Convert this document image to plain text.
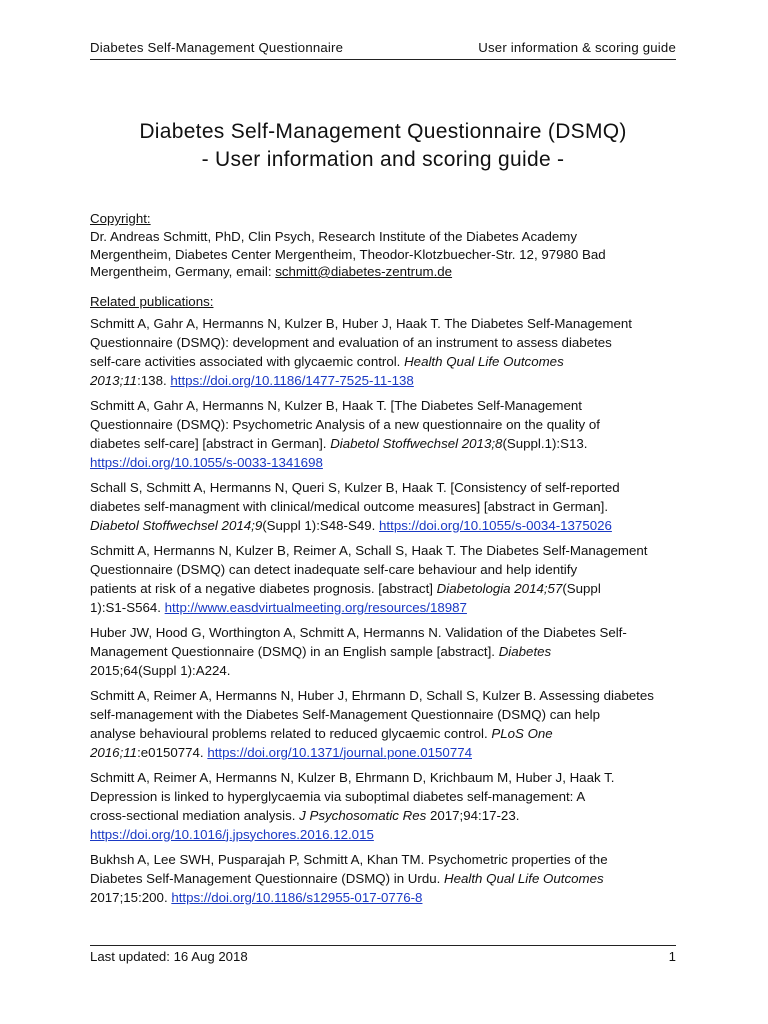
Diabetes Self-Management Questionnaire	User information & scoring guide
Diabetes Self-Management Questionnaire (DSMQ)
- User information and scoring guide -
Copyright:
Dr. Andreas Schmitt, PhD, Clin Psych, Research Institute of the Diabetes Academy
Mergentheim, Diabetes Center Mergentheim, Theodor-Klotzbuecher-Str. 12, 97980 Bad
Mergentheim, Germany, email: schmitt@diabetes-zentrum.de
Related publications:
Schmitt A, Gahr A, Hermanns N, Kulzer B, Huber J, Haak T. The Diabetes Self-Management
Questionnaire (DSMQ): development and evaluation of an instrument to assess diabetes
self-care activities associated with glycaemic control. Health Qual Life Outcomes
2013;11:138. https://doi.org/10.1186/1477-7525-11-138
Schmitt A, Gahr A, Hermanns N, Kulzer B, Haak T. [The Diabetes Self-Management
Questionnaire (DSMQ): Psychometric Analysis of a new questionnaire on the quality of
diabetes self-care] [abstract in German]. Diabetol Stoffwechsel 2013;8(Suppl.1):S13.
https://doi.org/10.1055/s-0033-1341698
Schall S, Schmitt A, Hermanns N, Queri S, Kulzer B, Haak T. [Consistency of self-reported
diabetes self-managment with clinical/medical outcome measures] [abstract in German].
Diabetol Stoffwechsel 2014;9(Suppl 1):S48-S49. https://doi.org/10.1055/s-0034-1375026
Schmitt A, Hermanns N, Kulzer B, Reimer A, Schall S, Haak T. The Diabetes Self-Management
Questionnaire (DSMQ) can detect inadequate self-care behaviour and help identify
patients at risk of a negative diabetes prognosis. [abstract] Diabetologia 2014;57(Suppl
1):S1-S564. http://www.easdvirtualmeeting.org/resources/18987
Huber JW, Hood G, Worthington A, Schmitt A, Hermanns N. Validation of the Diabetes Self-
Management Questionnaire (DSMQ) in an English sample [abstract]. Diabetes
2015;64(Suppl 1):A224.
Schmitt A, Reimer A, Hermanns N, Huber J, Ehrmann D, Schall S, Kulzer B. Assessing diabetes
self-management with the Diabetes Self-Management Questionnaire (DSMQ) can help
analyse behavioural problems related to reduced glycaemic control. PLoS One
2016;11:e0150774. https://doi.org/10.1371/journal.pone.0150774
Schmitt A, Reimer A, Hermanns N, Kulzer B, Ehrmann D, Krichbaum M, Huber J, Haak T.
Depression is linked to hyperglycaemia via suboptimal diabetes self-management: A
cross-sectional mediation analysis. J Psychosomatic Res 2017;94:17-23.
https://doi.org/10.1016/j.jpsychores.2016.12.015
Bukhsh A, Lee SWH, Pusparajah P, Schmitt A, Khan TM. Psychometric properties of the
Diabetes Self-Management Questionnaire (DSMQ) in Urdu. Health Qual Life Outcomes
2017;15:200. https://doi.org/10.1186/s12955-017-0776-8
Last updated: 16 Aug 2018	1
